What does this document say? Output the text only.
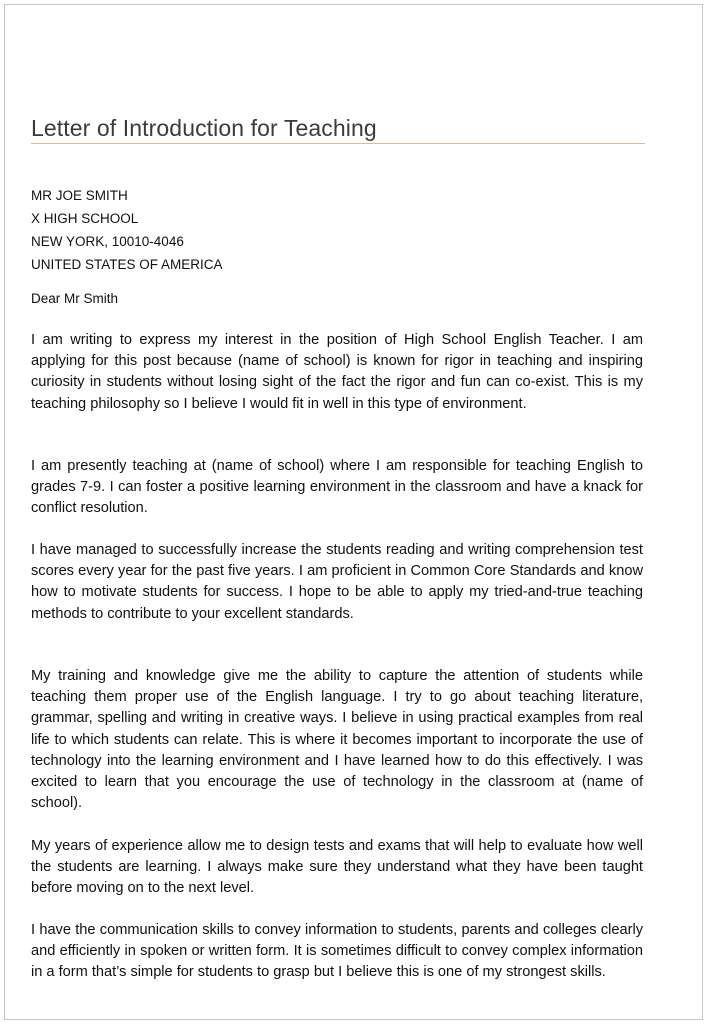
Letter of Introduction for Teaching
MR JOE SMITH
X HIGH SCHOOL
NEW YORK, 10010-4046
UNITED STATES OF AMERICA
Dear Mr Smith

I am writing to express my interest in the position of High School English Teacher. I am applying for this post because (name of school) is known for rigor in teaching and inspiring curiosity in students without losing sight of the fact the rigor and fun can co-exist. This is my teaching philosophy so I believe I would fit in well in this type of environment.

I am presently teaching at (name of school) where I am responsible for teaching English to grades 7-9. I can foster a positive learning environment in the classroom and have a knack for conflict resolution.

I have managed to successfully increase the students reading and writing comprehension test scores every year for the past five years. I am proficient in Common Core Standards and know how to motivate students for success. I hope to be able to apply my tried-and-true teaching methods to contribute to your excellent standards.

My training and knowledge give me the ability to capture the attention of students while teaching them proper use of the English language. I try to go about teaching literature, grammar, spelling and writing in creative ways. I believe in using practical examples from real life to which students can relate. This is where it becomes important to incorporate the use of technology into the learning environment and I have learned how to do this effectively. I was excited to learn that you encourage the use of technology in the classroom at (name of school).

My years of experience allow me to design tests and exams that will help to evaluate how well the students are learning. I always make sure they understand what they have been taught before moving on to the next level.

I have the communication skills to convey information to students, parents and colleges clearly and efficiently in spoken or written form. It is sometimes difficult to convey complex information in a form that’s simple for students to grasp but I believe this is one of my strongest skills.
